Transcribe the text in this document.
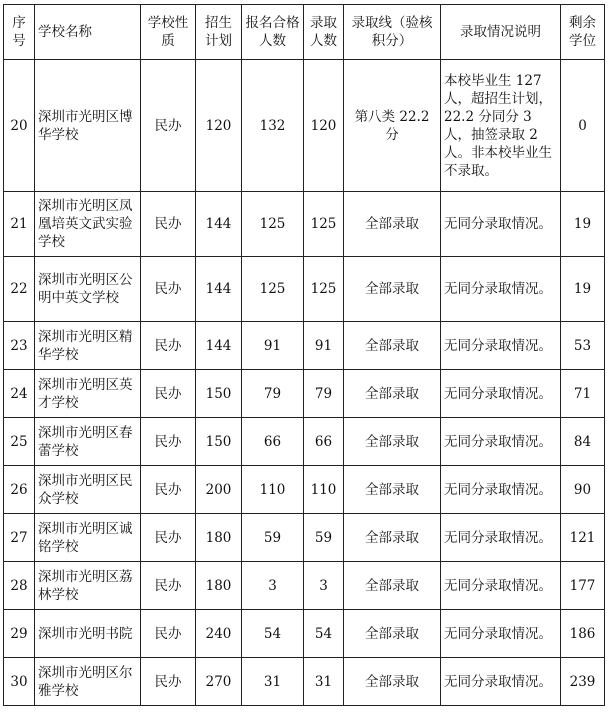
序号	学校名称	学校性质	招生计划	报名合格人数	录取人数	录取线（验核积分）	录取情况说明	剩余学位
20	深圳市光明区博华学校	民办	120	132	120	第八类 22.2 分	本校毕业生 127 人，超招生计划，22.2 分同分 3 人，抽签录取 2 人。非本校毕业生不录取。	0
21	深圳市光明区凤凰培英文武实验学校	民办	144	125	125	全部录取	无同分录取情况。	19
22	深圳市光明区公明中英文学校	民办	144	125	125	全部录取	无同分录取情况。	19
23	深圳市光明区精华学校	民办	144	91	91	全部录取	无同分录取情况。	53
24	深圳市光明区英才学校	民办	150	79	79	全部录取	无同分录取情况。	71
25	深圳市光明区春蕾学校	民办	150	66	66	全部录取	无同分录取情况。	84
26	深圳市光明区民众学校	民办	200	110	110	全部录取	无同分录取情况。	90
27	深圳市光明区诚铭学校	民办	180	59	59	全部录取	无同分录取情况。	121
28	深圳市光明区荔林学校	民办	180	3	3	全部录取	无同分录取情况。	177
29	深圳市光明书院	民办	240	54	54	全部录取	无同分录取情况。	186
30	深圳市光明区尔雅学校	民办	270	31	31	全部录取	无同分录取情况。	239
